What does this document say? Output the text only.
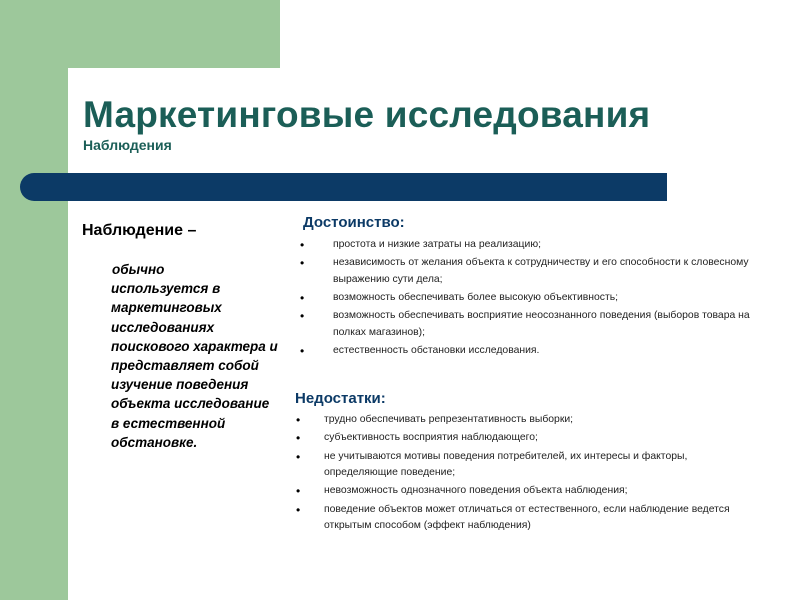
Маркетинговые исследования
Наблюдения
Наблюдение –
обычно
используется в маркетинговых исследованиях поискового характера и представляет собой изучение поведения объекта исследование в естественной обстановке.
Достоинство:
•	простота и низкие затраты на реализацию;
•	независимость от желания объекта к сотрудничеству и его способности к словесному выражению сути дела;
•	возможность обеспечивать более высокую объективность;
•	возможность обеспечивать восприятие неосознанного поведения (выборов товара на полках магазинов);
•	естественность обстановки исследования.
Недостатки:
• трудно обеспечивать репрезентативность выборки;
• субъективность восприятия наблюдающего;
• не учитываются мотивы поведения потребителей, их интересы и факторы, определяющие поведение;
• невозможность однозначного поведения объекта наблюдения;
• поведение объектов может отличаться от естественного, если наблюдение ведется открытым способом (эффект наблюдения)
